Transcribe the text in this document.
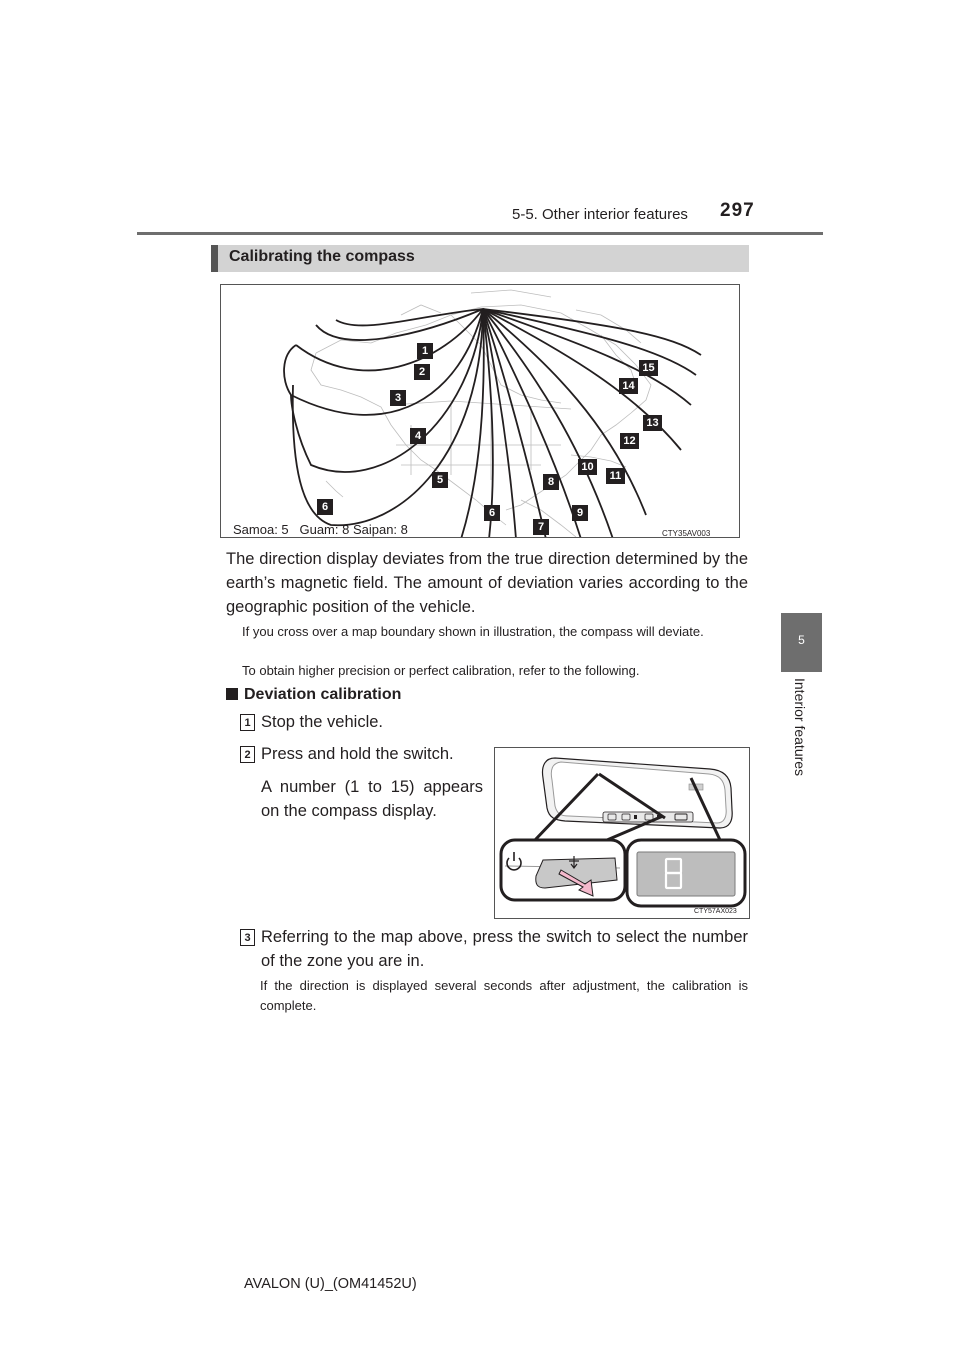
5-5. Other interior features 297
5
Interior features
Calibrating the compass
1
2
3
4
5
6	6
7
8
9
10
11
12
13
14
15
Samoa: 5   Guam: 8 Saipan: 8	CTY35AV003
The direction display deviates from the true direction determined by the earth’s magnetic field. The amount of deviation varies according to the geographic position of the vehicle.
If you cross over a map boundary shown in illustration, the compass will deviate.
To obtain higher precision or perfect calibration, refer to the following.
Deviation calibration
1 Stop the vehicle.
2 Press and hold the switch.
A number (1 to 15) appears on the compass display.
CTY57AX023
3 Referring to the map above, press the switch to select the number of the zone you are in.
If the direction is displayed several seconds after adjustment, the calibration is complete.
AVALON (U)_(OM41452U)
